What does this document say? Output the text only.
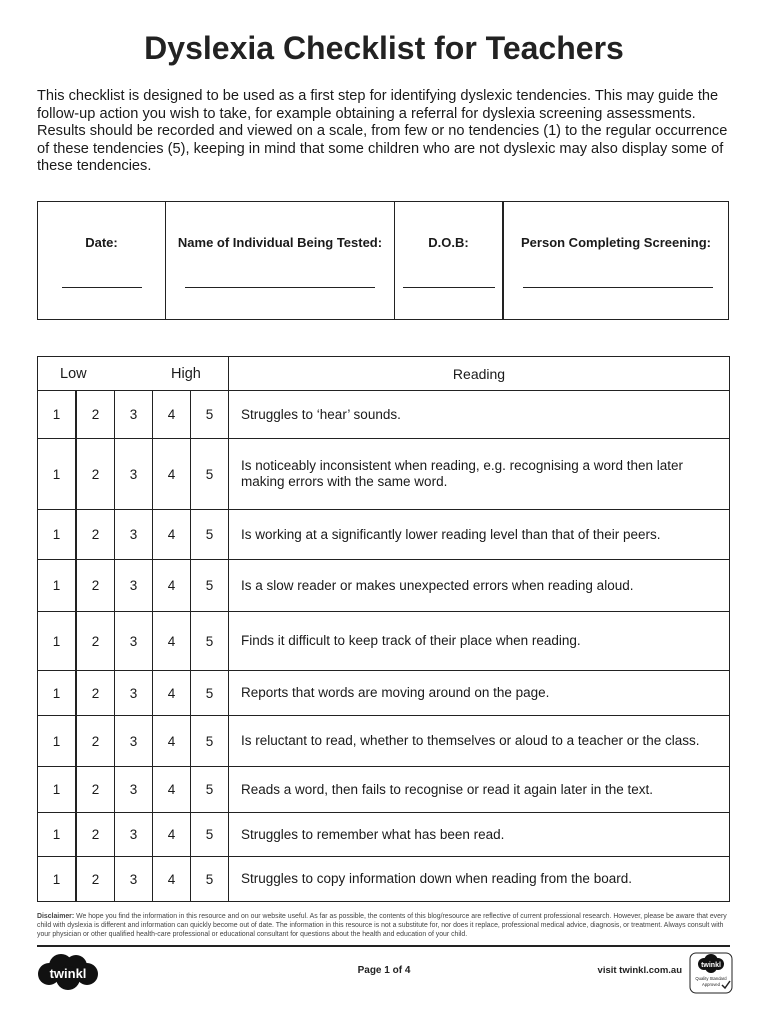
Dyslexia Checklist for Teachers

This checklist is designed to be used as a first step for identifying dyslexic tendencies. This may guide the follow-up action you wish to take, for example obtaining a referral for dyslexia screening assessments. Results should be recorded and viewed on a scale, from few or no tendencies (1) to the regular occurrence of these tendencies (5), keeping in mind that some children who are not dyslexic may also display some of these tendencies.

Date:	Name of Individual Being Tested:	D.O.B:	Person Completing Screening:
Low High					Reading
1	2	3	4	5	Struggles to ‘hear’ sounds.
1	2	3	4	5	Is noticeably inconsistent when reading, e.g. recognising a word then later making errors with the same word.
1	2	3	4	5	Is working at a significantly lower reading level than that of their peers.
1	2	3	4	5	Is a slow reader or makes unexpected errors when reading aloud.
1	2	3	4	5	Finds it difficult to keep track of their place when reading.
1	2	3	4	5	Reports that words are moving around on the page.
1	2	3	4	5	Is reluctant to read, whether to themselves or aloud to a teacher or the class.
1	2	3	4	5	Reads a word, then fails to recognise or read it again later in the text.
1	2	3	4	5	Struggles to remember what has been read.
1	2	3	4	5	Struggles to copy information down when reading from the board.

Disclaimer: We hope you find the information in this resource and on our website useful. As far as possible, the contents of this blog/resource are reflective of current professional research. However, please be aware that every child with dyslexia is different and information can quickly become out of date. The information in this resource is not a substitute for, nor does it replace, professional medical advice, diagnosis, or treatment. Always consult with your physician or other qualified health-care professional or educational consultant for questions about the health and education of your child.

twinkl	Page 1 of 4	visit twinkl.com.au	twinkl
Quality Standard
Approved
